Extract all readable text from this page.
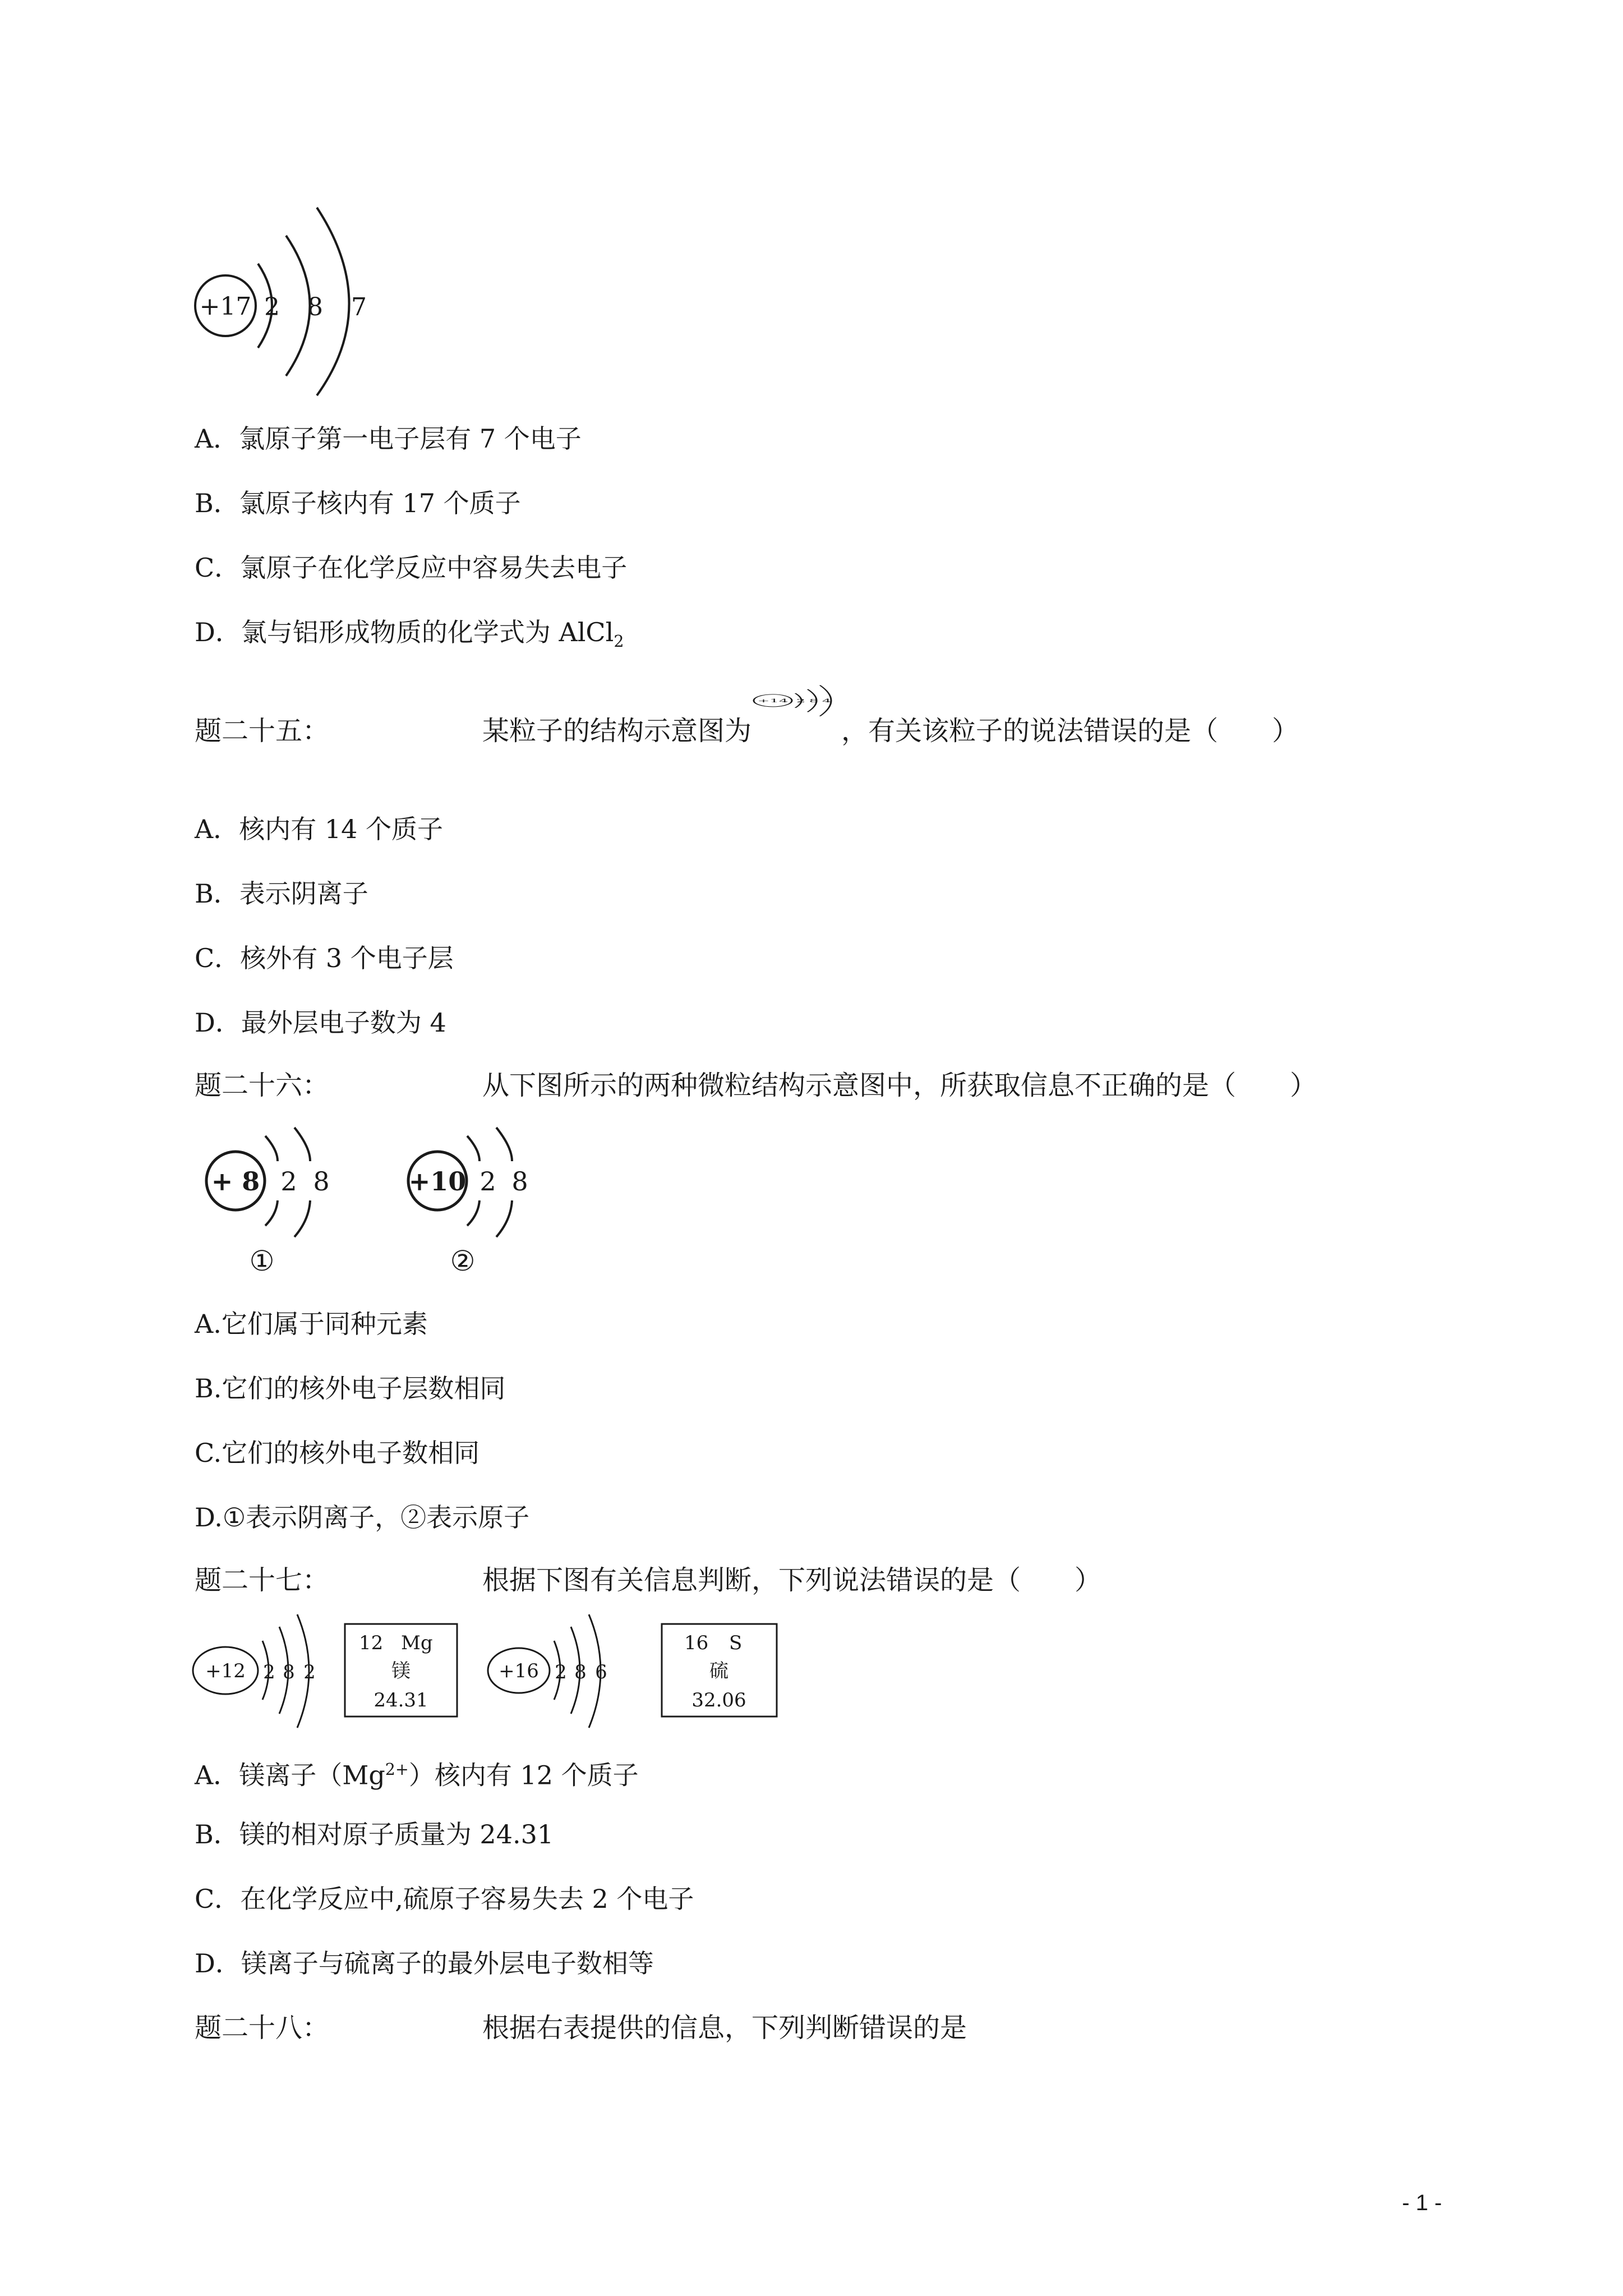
+17 2 8 7
A．氯原子第一电子层有 7 个电子
B．氯原子核内有 17 个质子
C．氯原子在化学反应中容易失去电子
D．氯与铝形成物质的化学式为 AlCl$_2$
题二十五：	某粒子的结构示意图为
+14 2 8 4
，有关该粒子的说法错误的是（　　）
A．核内有 14 个质子
B．表示阴离子
C．核外有 3 个电子层
D．最外层电子数为 4
题二十六：	从下图所示的两种微粒结构示意图中，所获取信息不正确的是（　　）
+ 8 2 8
①
+10 2 8
②
A.它们属于同种元素
B.它们的核外电子层数相同
C.它们的核外电子数相同
D.①表示阴离子，②表示原子
题二十七：	根据下图有关信息判断，下列说法错误的是（　　）
+12 2 8 2
12 Mg
镁
24.31
+16 2 8 6
16 S
硫
32.06
A．镁离子$(Mg^{2+})$核内有 12 个质子
B．镁的相对原子质量为 24.31
C．在化学反应中,硫原子容易失去 2 个电子
D．镁离子与硫离子的最外层电子数相等
题二十八：	根据右表提供的信息，下列判断错误的是
- 1 -
